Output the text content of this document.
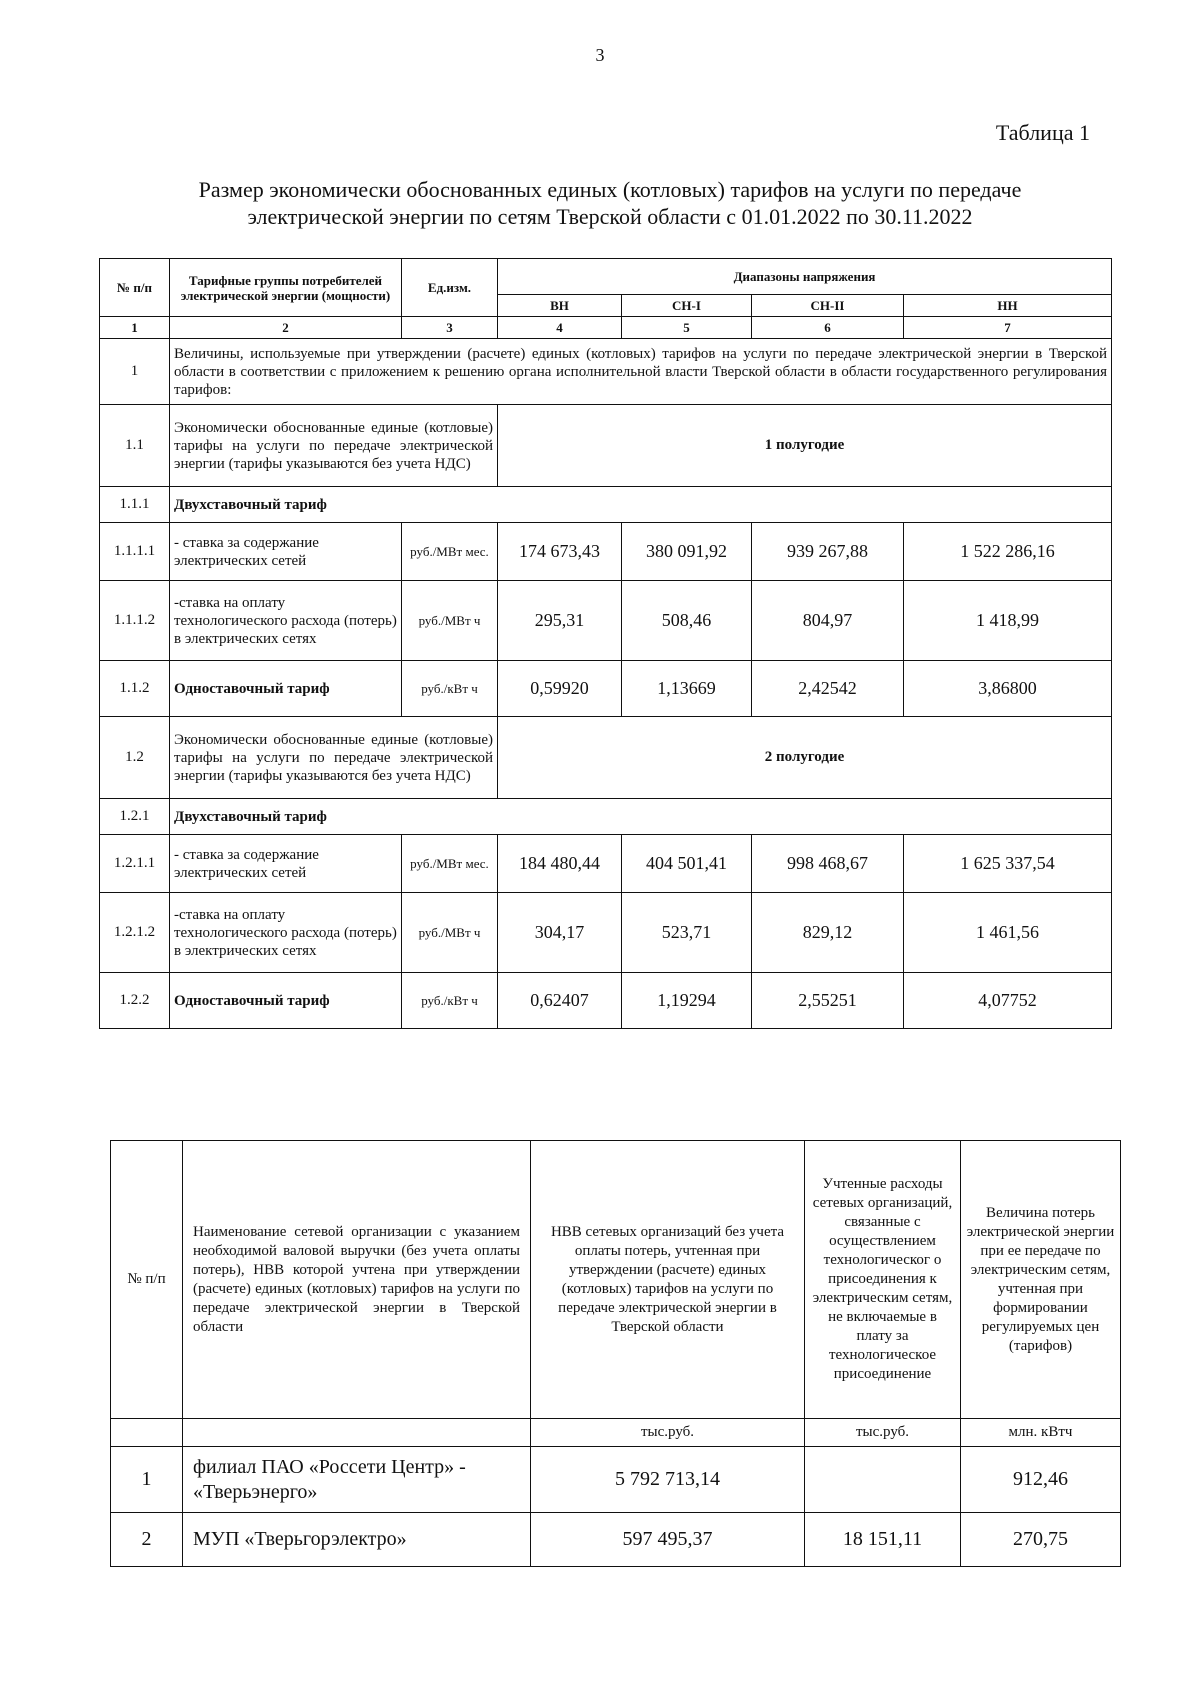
3
Таблица 1
Размер экономически обоснованных единых (котловых) тарифов на услуги по передаче
электрической энергии по сетям Тверской области с 01.01.2022 по 30.11.2022
№ п/п	Тарифные группы потребителей электрической энергии (мощности)	Ед.изм.	Диапазоны напряжения			
			ВН	СН-I	СН-II	НН
1	2	3	4	5	6	7
1	Величины, используемые при утверждении (расчете) единых (котловых) тарифов на услуги по передаче электрической энергии в Тверской области в соответствии с приложением к решению органа исполнительной власти Тверской области в области государственного регулирования тарифов:					
1.1	Экономически обоснованные единые (котловые) тарифы на услуги по передаче электрической энергии (тарифы указываются без учета НДС)		1 полугодие			
1.1.1	Двухставочный тариф					
1.1.1.1	- ставка за содержание электрических сетей	руб./МВт мес.	174 673,43	380 091,92	939 267,88	1 522 286,16
1.1.1.2	-ставка на оплату технологического расхода (потерь) в электрических сетях	руб./МВт ч	295,31	508,46	804,97	1 418,99
1.1.2	Одноставочный тариф	руб./кВт ч	0,59920	1,13669	2,42542	3,86800
1.2	Экономически обоснованные единые (котловые) тарифы на услуги по передаче электрической энергии (тарифы указываются без учета НДС)		2 полугодие			
1.2.1	Двухставочный тариф					
1.2.1.1	- ставка за содержание электрических сетей	руб./МВт мес.	184 480,44	404 501,41	998 468,67	1 625 337,54
1.2.1.2	-ставка на оплату технологического расхода (потерь) в электрических сетях	руб./МВт ч	304,17	523,71	829,12	1 461,56
1.2.2	Одноставочный тариф	руб./кВт ч	0,62407	1,19294	2,55251	4,07752
№ п/п	Наименование сетевой организации с указанием необходимой валовой выручки (без учета оплаты потерь), НВВ которой учтена при утверждении (расчете) единых (котловых) тарифов на услуги по передаче электрической энергии в Тверской области	НВВ сетевых организаций без учета оплаты потерь, учтенная при утверждении (расчете) единых (котловых) тарифов на услуги по передаче электрической энергии в Тверской области	Учтенные расходы сетевых организаций, связанные с осуществлением технологическог о присоединения к электрическим сетям, не включаемые в плату за технологическое присоединение	Величина потерь электрической энергии при ее передаче по электрическим сетям, учтенная при формировании регулируемых цен (тарифов)
		тыс.руб.	тыс.руб.	млн. кВтч
1	филиал ПАО «Россети Центр» - «Тверьэнерго»	5 792 713,14		912,46
2	МУП «Тверьгорэлектро»	597 495,37	18 151,11	270,75
